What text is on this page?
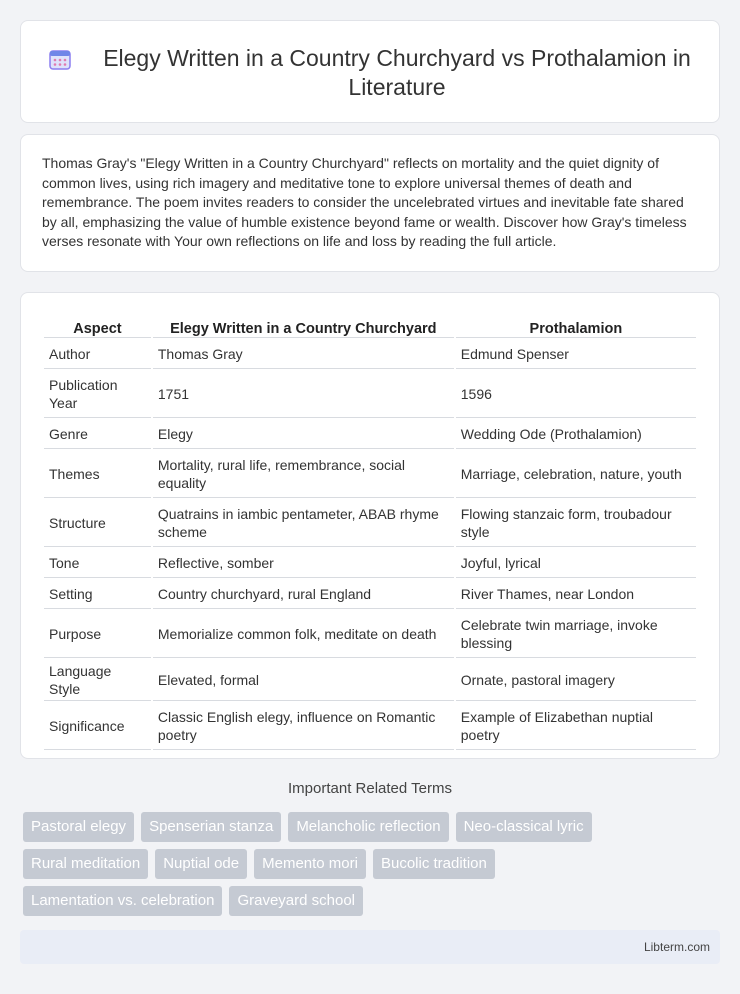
Elegy Written in a Country Churchyard vs Prothalamion in Literature

Thomas Gray's "Elegy Written in a Country Churchyard" reflects on mortality and the quiet dignity of common lives, using rich imagery and meditative tone to explore universal themes of death and remembrance. The poem invites readers to consider the uncelebrated virtues and inevitable fate shared by all, emphasizing the value of humble existence beyond fame or wealth. Discover how Gray's timeless verses resonate with Your own reflections on life and loss by reading the full article.

Aspect	Elegy Written in a Country Churchyard	Prothalamion
Author	Thomas Gray	Edmund Spenser
Publication Year	1751	1596
Genre	Elegy	Wedding Ode (Prothalamion)
Themes	Mortality, rural life, remembrance, social equality	Marriage, celebration, nature, youth
Structure	Quatrains in iambic pentameter, ABAB rhyme scheme	Flowing stanzaic form, troubadour style
Tone	Reflective, somber	Joyful, lyrical
Setting	Country churchyard, rural England	River Thames, near London
Purpose	Memorialize common folk, meditate on death	Celebrate twin marriage, invoke blessing
Language Style	Elevated, formal	Ornate, pastoral imagery
Significance	Classic English elegy, influence on Romantic poetry	Example of Elizabethan nuptial poetry
Important Related Terms
Pastoral elegy	Spenserian stanza	Melancholic reflection	Neo-classical lyric
Rural meditation	Nuptial ode	Memento mori	Bucolic tradition
Lamentation vs. celebration	Graveyard school
Libterm.com
